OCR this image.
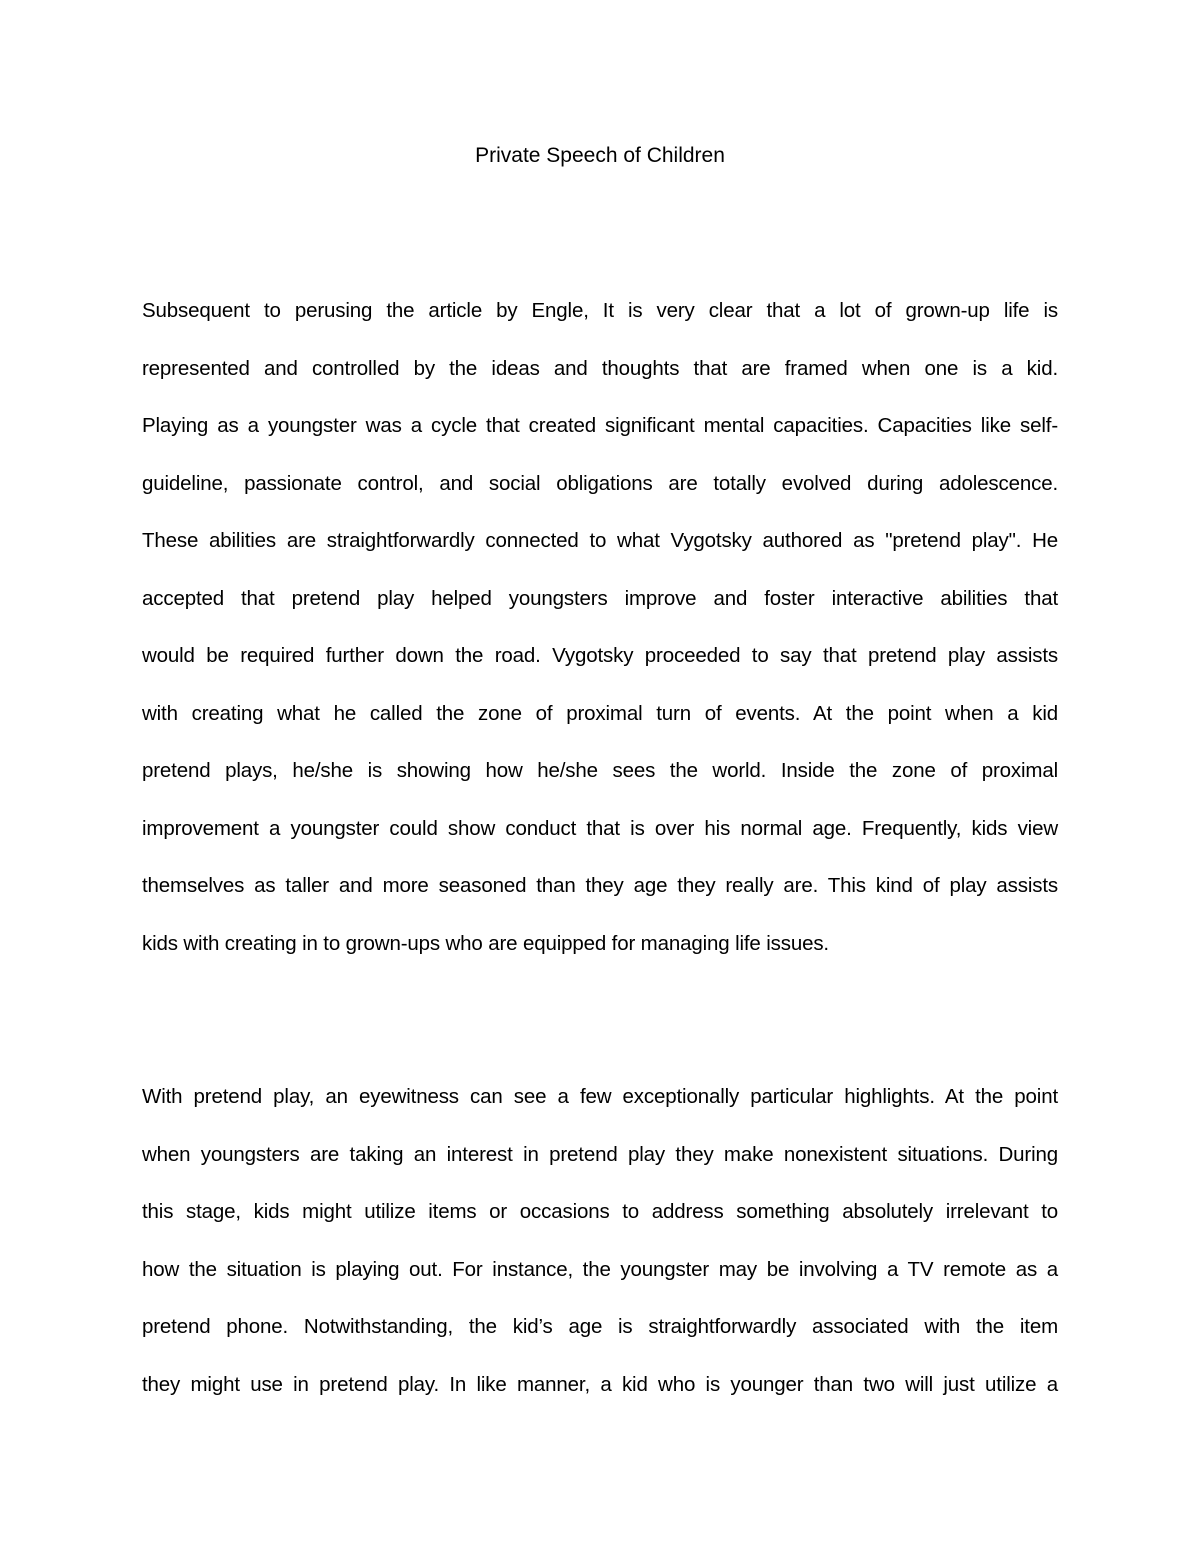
Private Speech of Children
Subsequent to perusing the article by Engle, It is very clear that a lot of grown-up life is
represented and controlled by the ideas and thoughts that are framed when one is a kid.
Playing as a youngster was a cycle that created significant mental capacities. Capacities like self-
guideline, passionate control, and social obligations are totally evolved during adolescence.
These abilities are straightforwardly connected to what Vygotsky authored as "pretend play". He
accepted that pretend play helped youngsters improve and foster interactive abilities that
would be required further down the road. Vygotsky proceeded to say that pretend play assists
with creating what he called the zone of proximal turn of events. At the point when a kid
pretend plays, he/she is showing how he/she sees the world. Inside the zone of proximal
improvement a youngster could show conduct that is over his normal age. Frequently, kids view
themselves as taller and more seasoned than they age they really are. This kind of play assists
kids with creating in to grown-ups who are equipped for managing life issues.
With pretend play, an eyewitness can see a few exceptionally particular highlights. At the point
when youngsters are taking an interest in pretend play they make nonexistent situations. During
this stage, kids might utilize items or occasions to address something absolutely irrelevant to
how the situation is playing out. For instance, the youngster may be involving a TV remote as a
pretend phone. Notwithstanding, the kid’s age is straightforwardly associated with the item
they might use in pretend play. In like manner, a kid who is younger than two will just utilize a
